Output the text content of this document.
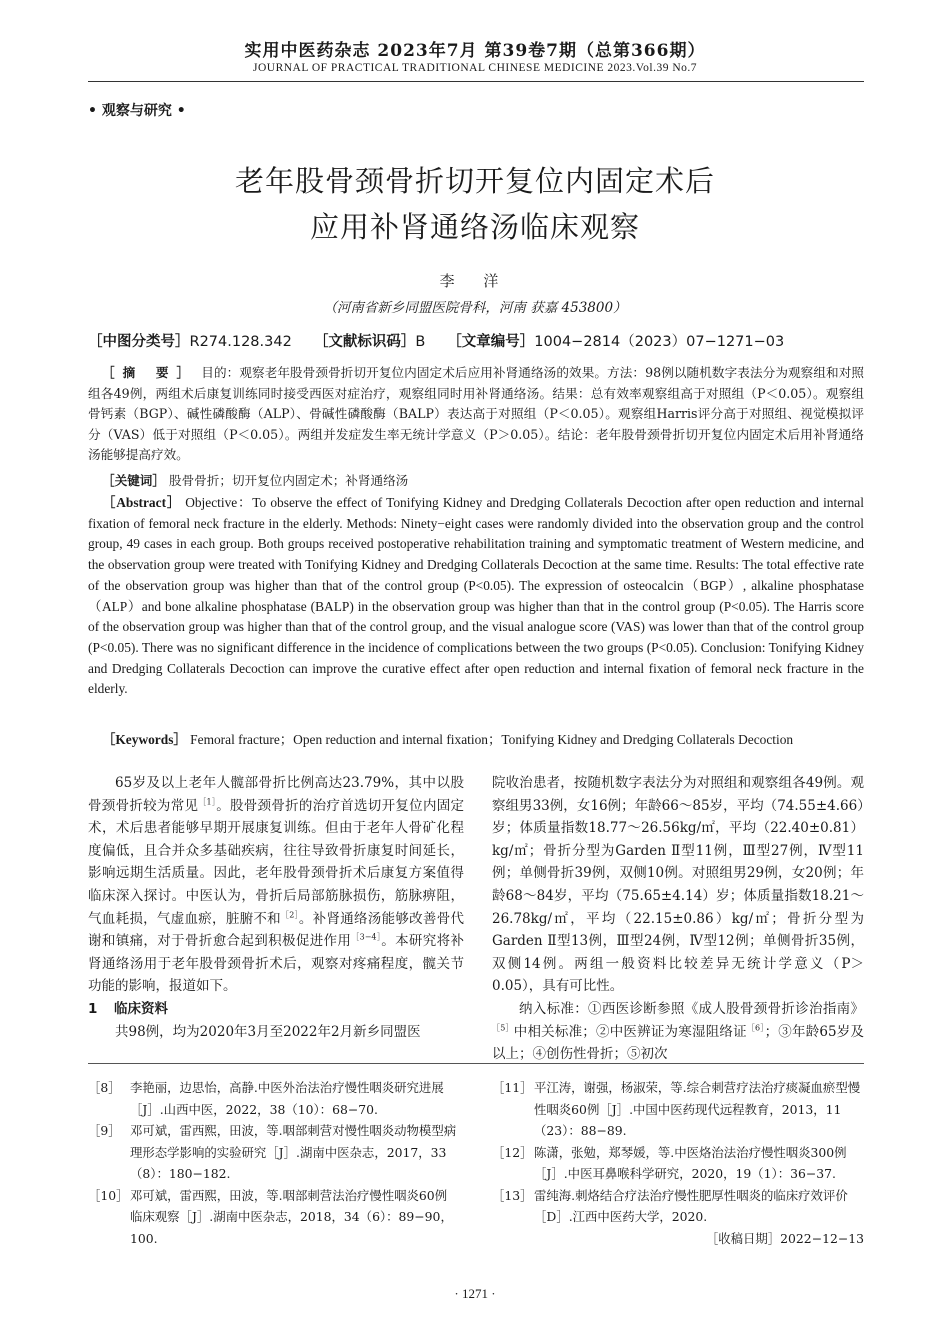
实用中医药杂志 2023年7月 第39卷7期（总第366期）
JOURNAL OF PRACTICAL TRADITIONAL CHINESE MEDICINE 2023.Vol.39 No.7
• 观察与研究 •
老年股骨颈骨折切开复位内固定术后
应用补肾通络汤临床观察
李 洋
（河南省新乡同盟医院骨科，河南 获嘉 453800）
［中图分类号］R274.128.342 ［文献标识码］B ［文章编号］1004−2814（2023）07−1271−03
［摘 要］ 目的：观察老年股骨颈骨折切开复位内固定术后应用补肾通络汤的效果。方法：98例以随机数字表法分为观察组和对照组各49例，两组术后康复训练同时接受西医对症治疗，观察组同时用补肾通络汤。结果：总有效率观察组高于对照组（P＜0.05）。观察组骨钙素（BGP）、碱性磷酸酶（ALP）、骨碱性磷酸酶（BALP）表达高于对照组（P＜0.05）。观察组Harris评分高于对照组、视觉模拟评分（VAS）低于对照组（P＜0.05）。两组并发症发生率无统计学意义（P＞0.05）。结论：老年股骨颈骨折切开复位内固定术后用补肾通络汤能够提高疗效。
［关键词］ 股骨骨折；切开复位内固定术；补肾通络汤
［Abstract］ Objective：To observe the effect of Tonifying Kidney and Dredging Collaterals Decoction after open reduction and internal fixation of femoral neck fracture in the elderly. Methods: Ninety−eight cases were randomly divided into the observation group and the control group, 49 cases in each group. Both groups received postoperative rehabilitation training and symptomatic treatment of Western medicine, and the observation group were treated with Tonifying Kidney and Dredging Collaterals Decoction at the same time. Results: The total effective rate of the observation group was higher than that of the control group (P<0.05). The expression of osteocalcin（BGP）, alkaline phosphatase（ALP）and bone alkaline phosphatase (BALP) in the observation group was higher than that in the control group (P<0.05). The Harris score of the observation group was higher than that of the control group, and the visual analogue score (VAS) was lower than that of the control group (P<0.05). There was no significant difference in the incidence of complications between the two groups (P<0.05). Conclusion: Tonifying Kidney and Dredging Collaterals Decoction can improve the curative effect after open reduction and internal fixation of femoral neck fracture in the elderly.
［Keywords］ Femoral fracture；Open reduction and internal fixation；Tonifying Kidney and Dredging Collaterals Decoction

65岁及以上老年人髋部骨折比例高达23.79%，其中以股骨颈骨折较为常见$^{[1]}$。股骨颈骨折的治疗首选切开复位内固定术，术后患者能够早期开展康复训练。但由于老年人骨矿化程度偏低，且合并众多基础疾病，往往导致骨折康复时间延长，影响远期生活质量。因此，老年股骨颈骨折术后康复方案值得临床深入探讨。中医认为，骨折后局部筋脉损伤，筋脉痹阻，气血耗损，气虚血瘀，脏腑不和$^{[2]}$。补肾通络汤能够改善骨代谢和镇痛，对于骨折愈合起到积极促进作用$^{[3-4]}$。本研究将补肾通络汤用于老年股骨颈骨折术后，观察对疼痛程度，髋关节功能的影响，报道如下。

1 临床资料

共98例，均为2020年3月至2022年2月新乡同盟医

院收治患者，按随机数字表法分为对照组和观察组各49例。观察组男33例，女16例；年龄66～85岁，平均（74.55±4.66）岁；体质量指数18.77～26.56kg/㎡，平均（22.40±0.81）kg/㎡；骨折分型为Garden Ⅱ型11例，Ⅲ型27例，Ⅳ型11例；单侧骨折39例，双侧10例。对照组男29例，女20例；年龄68～84岁，平均（75.65±4.14）岁；体质量指数18.21～26.78kg/㎡，平均（22.15±0.86）kg/㎡；骨折分型为Garden Ⅱ型13例，Ⅲ型24例，Ⅳ型12例；单侧骨折35例，双侧14例。两组一般资料比较差异无统计学意义（P＞0.05），具有可比性。

纳入标准：①西医诊断参照《成人股骨颈骨折诊治指南》$^{[5]}$中相关标准；②中医辨证为寒湿阻络证$^{[6]}$；③年龄65岁及以上；④创伤性骨折；⑤初次

［8］ 李艳丽，边思怡，高静.中医外治法治疗慢性咽炎研究进展［J］.山西中医，2022，38（10）：68−70.
［9］ 邓可斌，雷西熙，田波，等.咽部刺营对慢性咽炎动物模型病理形态学影响的实验研究［J］.湖南中医杂志，2017，33（8）：180−182.
［10］ 邓可斌，雷西熙，田波，等.咽部刺营法治疗慢性咽炎60例临床观察［J］.湖南中医杂志，2018，34（6）：89−90，100.
［11］ 平江涛，谢强，杨淑荣，等.综合刺营疗法治疗痰凝血瘀型慢性咽炎60例［J］.中国中医药现代远程教育，2013，11（23）：88−89.
［12］ 陈潇，张勉，郑琴媛，等.中医烙治法治疗慢性咽炎300例［J］.中医耳鼻喉科学研究，2020，19（1）：36−37.
［13］ 雷纯海.刺烙结合疗法治疗慢性肥厚性咽炎的临床疗效评价［D］.江西中医药大学，2020.
［收稿日期］2022−12−13
· 1271 ·
